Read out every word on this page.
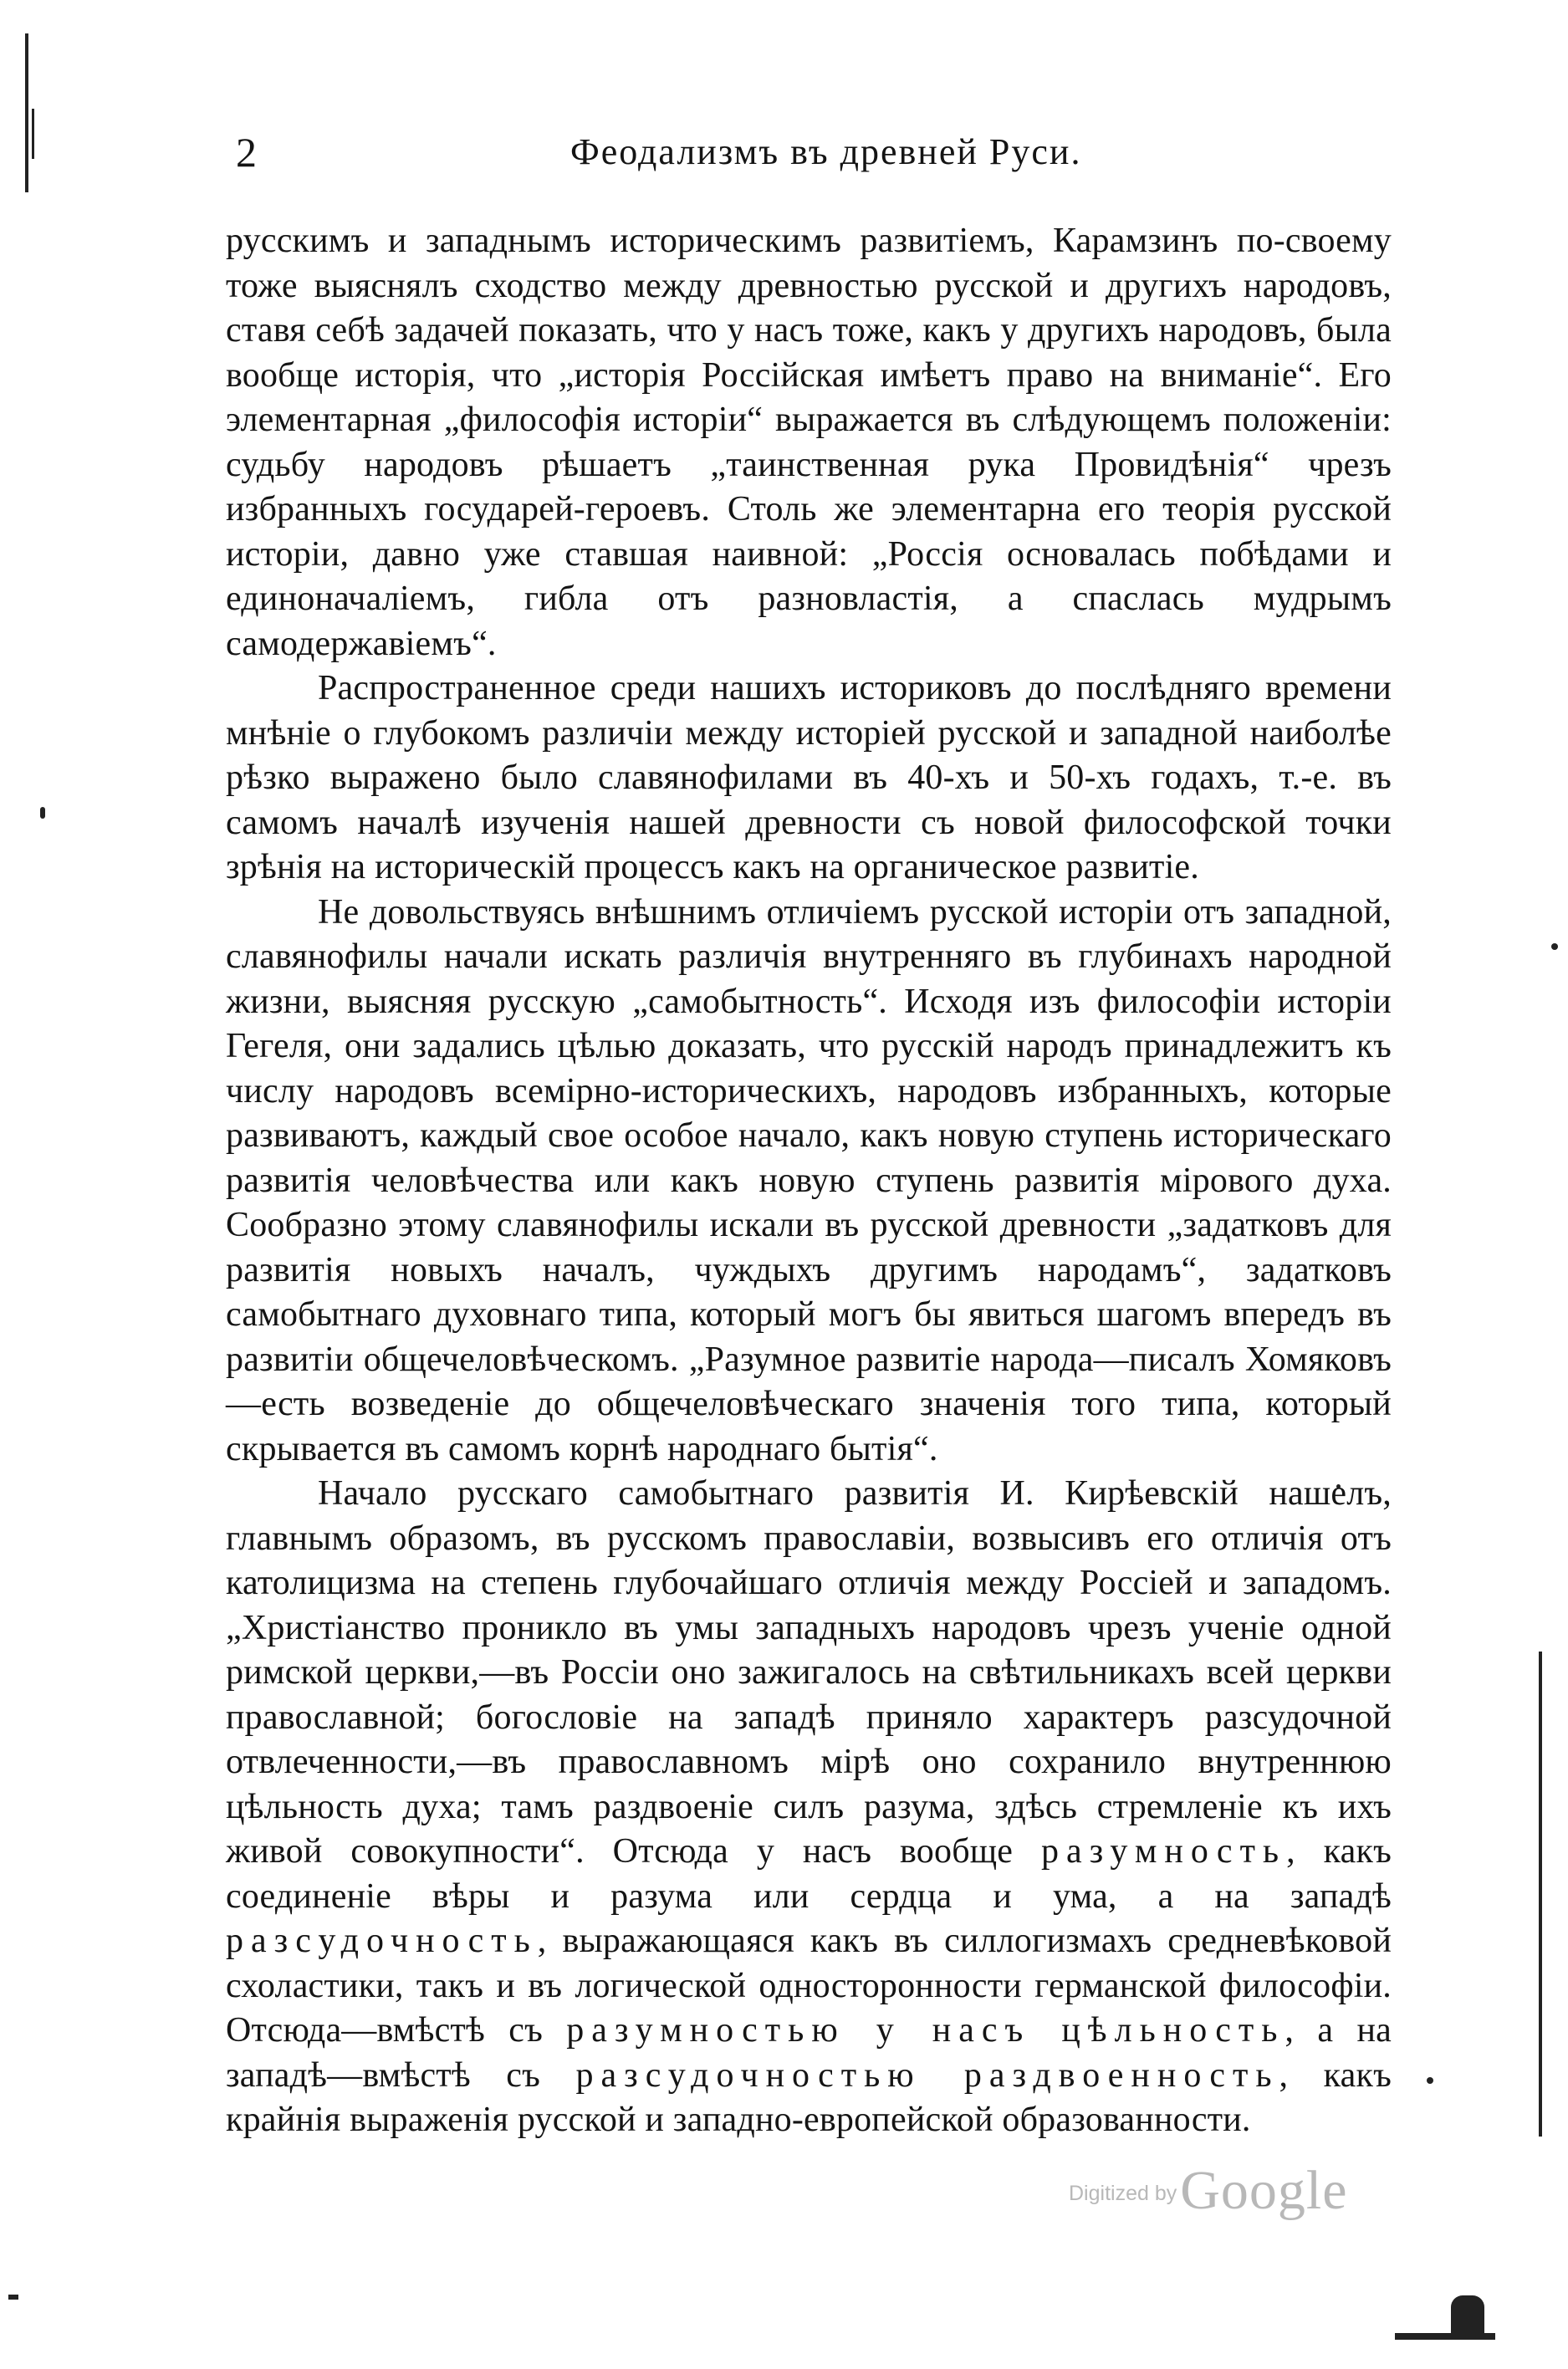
2	Феодализмъ въ древней Руси.

русскимъ и западнымъ историческимъ развитіемъ, Карамзинъ по-своему тоже выяснялъ сходство между древностью русской и другихъ народовъ, ставя себѣ задачей показать, что у насъ тоже, какъ у другихъ народовъ, была вообще исторія, что „исторія Россійская имѣетъ право на вниманіе“. Его элементарная „философія исторіи“ выражается въ слѣдующемъ положеніи: судьбу народовъ рѣшаетъ „таинственная рука Провидѣнія“ чрезъ избранныхъ государей-героевъ. Столь же элементарна его теорія русской исторіи, давно уже ставшая наивной: „Россія основалась побѣдами и единоначаліемъ, гибла отъ разновластія, а спаслась мудрымъ самодержавіемъ“.

Распространенное среди нашихъ историковъ до послѣдняго времени мнѣніе о глубокомъ различіи между исторіей русской и западной наиболѣе рѣзко выражено было славянофилами въ 40-хъ и 50-хъ годахъ, т.-е. въ самомъ началѣ изученія нашей древности съ новой философской точки зрѣнія на историческій процессъ какъ на органическое развитіе.

Не довольствуясь внѣшнимъ отличіемъ русской исторіи отъ западной, славянофилы начали искать различія внутренняго въ глубинахъ народной жизни, выясняя русскую „самобытность“. Исходя изъ философіи исторіи Гегеля, они задались цѣлью доказать, что русскій народъ принадлежитъ къ числу народовъ всемірно-историческихъ, народовъ избранныхъ, которые развиваютъ, каждый свое особое начало, какъ новую ступень историческаго развитія человѣчества или какъ новую ступень развитія мірового духа. Сообразно этому славянофилы искали въ русской древности „задатковъ для развитія новыхъ началъ, чуждыхъ другимъ народамъ“, задатковъ самобытнаго духовнаго типа, который могъ бы явиться шагомъ впередъ въ развитіи общечеловѣческомъ. „Разумное развитіе народа—писалъ Хомяковъ—есть возведеніе до общечеловѣческаго значенія того типа, который скрывается въ самомъ корнѣ народнаго бытія“.

Начало русскаго самобытнаго развитія И. Кирѣевскій нашелъ, главнымъ образомъ, въ русскомъ православіи, возвысивъ его отличія отъ католицизма на степень глубочайшаго отличія между Россіей и западомъ. „Христіанство проникло въ умы западныхъ народовъ чрезъ ученіе одной римской церкви,—въ Россіи оно зажигалось на свѣтильникахъ всей церкви православной; богословіе на западѣ приняло характеръ разсудочной отвлеченности,—въ православномъ мірѣ оно сохранило внутреннюю цѣльность духа; тамъ раздвоеніе силъ разума, здѣсь стремленіе къ ихъ живой совокупности“. Отсюда у насъ вообще разумность, какъ соединеніе вѣры и разума или сердца и ума, а на западѣ разсудочность, выражающаяся какъ въ силлогизмахъ средневѣковой схоластики, такъ и въ логической односторонности германской философіи. Отсюда—вмѣстѣ съ разумностью у насъ цѣльность, а на западѣ—вмѣстѣ съ разсудочностью раздвоенность, какъ крайнія выраженія русской и западно-европейской образованности.

Digitized by Google
